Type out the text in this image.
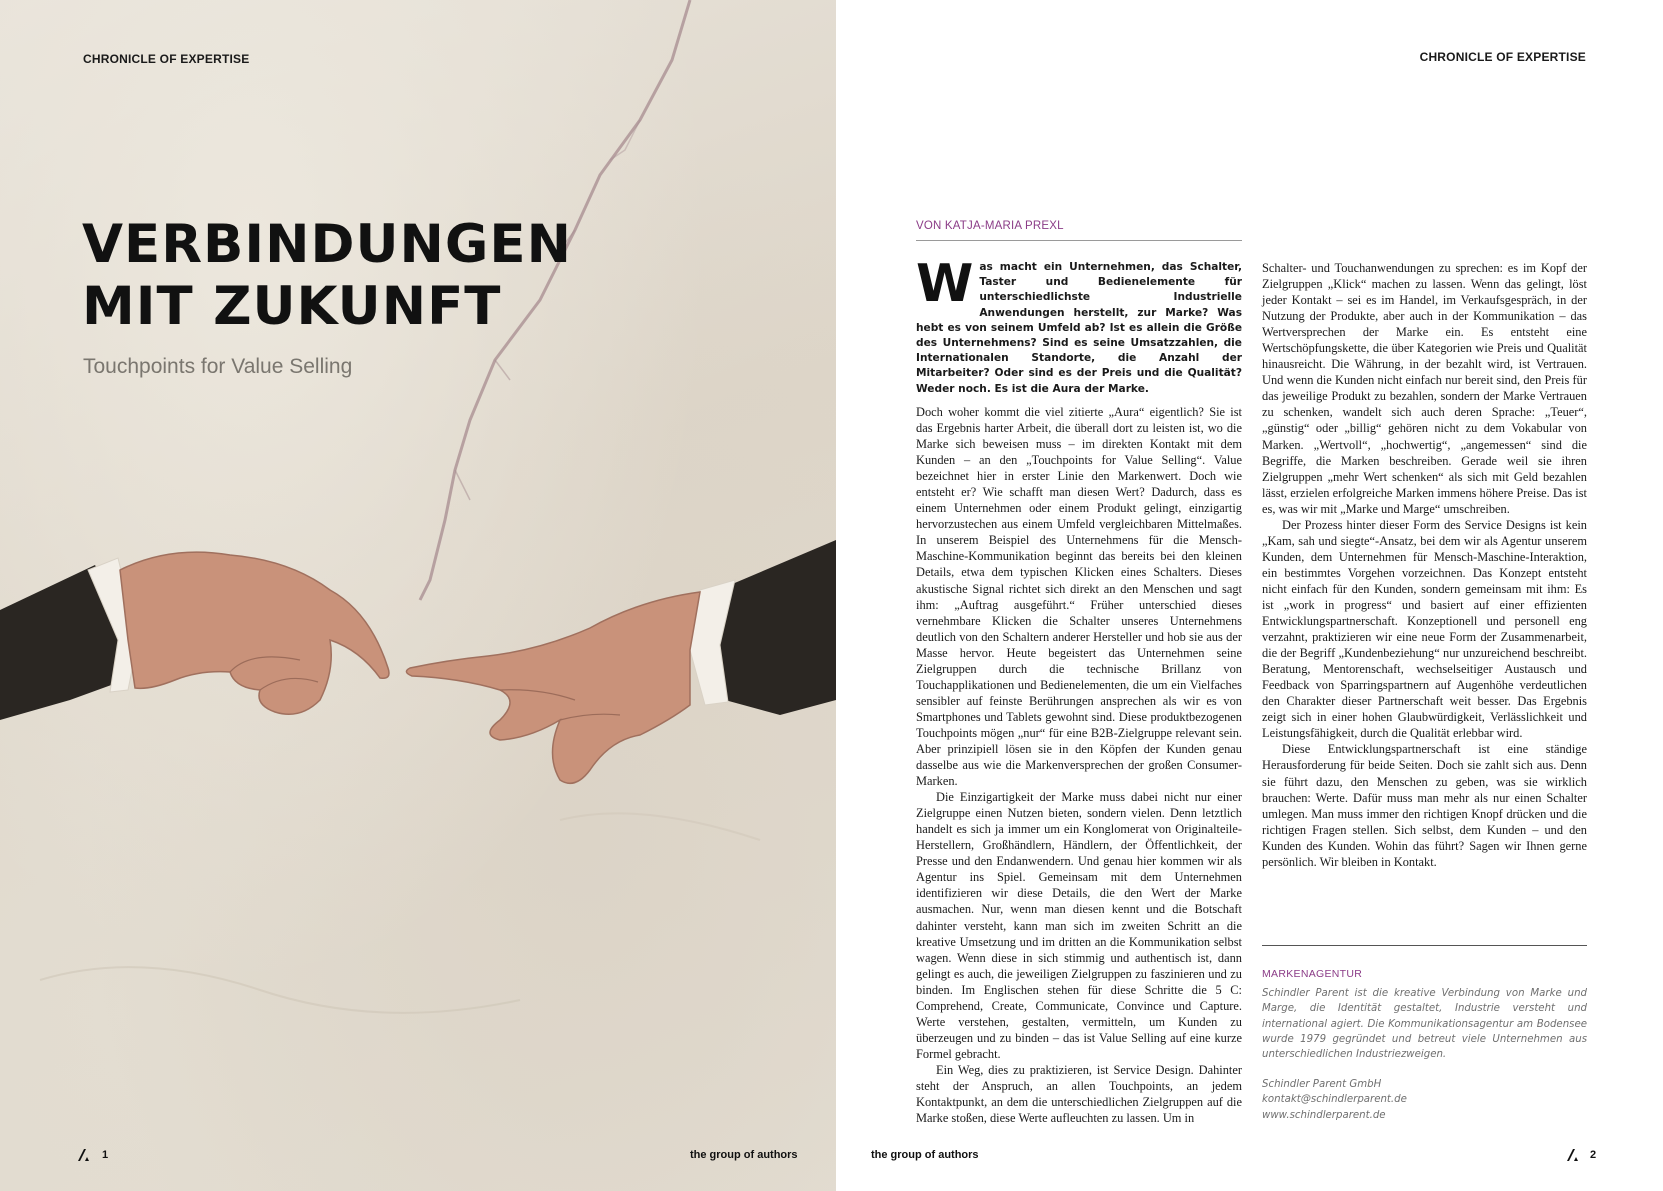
CHRONICLE OF EXPERTISE
VERBINDUNGEN
MIT ZUKUNFT
Touchpoints for Value Selling
1	the group of authors
CHRONICLE OF EXPERTISE
VON KATJA-MARIA PREXL
Was macht ein Unternehmen, das Schalter, Taster und Bedienelemente für unterschiedlichste Industrielle Anwendungen herstellt, zur Marke? Was hebt es von seinem Umfeld ab? Ist es allein die Größe des Unternehmens? Sind es seine Umsatzzahlen, die Internationalen Standorte, die Anzahl der Mitarbeiter? Oder sind es der Preis und die Qualität? Weder noch. Es ist die Aura der Marke.

Doch woher kommt die viel zitierte „Aura“ eigentlich? Sie ist das Ergebnis harter Arbeit, die überall dort zu leisten ist, wo die Marke sich beweisen muss – im direkten Kontakt mit dem Kunden – an den „Touchpoints for Value Selling“. Value bezeichnet hier in erster Linie den Markenwert. Doch wie entsteht er? Wie schafft man diesen Wert? Dadurch, dass es einem Unternehmen oder einem Produkt gelingt, einzigartig hervorzustechen aus einem Umfeld vergleichbaren Mittelmaßes. In unserem Beispiel des Unternehmens für die Mensch-Maschine-Kommunikation beginnt das bereits bei den kleinen Details, etwa dem typischen Klicken eines Schalters. Dieses akustische Signal richtet sich direkt an den Menschen und sagt ihm: „Auftrag ausgeführt.“ Früher unterschied dieses vernehmbare Klicken die Schalter unseres Unternehmens deutlich von den Schaltern anderer Hersteller und hob sie aus der Masse hervor. Heute begeistert das Unternehmen seine Zielgruppen durch die technische Brillanz von Touchapplikationen und Bedienelementen, die um ein Vielfaches sensibler auf feinste Berührungen ansprechen als wir es von Smartphones und Tablets gewohnt sind. Diese produktbezogenen Touchpoints mögen „nur“ für eine B2B-Zielgruppe relevant sein. Aber prinzipiell lösen sie in den Köpfen der Kunden genau dasselbe aus wie die Markenversprechen der großen Consumer-Marken.

Die Einzigartigkeit der Marke muss dabei nicht nur einer Zielgruppe einen Nutzen bieten, sondern vielen. Denn letztlich handelt es sich ja immer um ein Konglomerat von Originalteile-Herstellern, Großhändlern, Händlern, der Öffentlichkeit, der Presse und den Endanwendern. Und genau hier kommen wir als Agentur ins Spiel. Gemeinsam mit dem Unternehmen identifizieren wir diese Details, die den Wert der Marke ausmachen. Nur, wenn man diesen kennt und die Botschaft dahinter versteht, kann man sich im zweiten Schritt an die kreative Umsetzung und im dritten an die Kommunikation selbst wagen. Wenn diese in sich stimmig und authentisch ist, dann gelingt es auch, die jeweiligen Zielgruppen zu faszinieren und zu binden. Im Englischen stehen für diese Schritte die 5 C: Comprehend, Create, Communicate, Convince und Capture. Werte verstehen, gestalten, vermitteln, um Kunden zu überzeugen und zu binden – das ist Value Selling auf eine kurze Formel gebracht.

Ein Weg, dies zu praktizieren, ist Service Design. Dahinter steht der Anspruch, an allen Touchpoints, an jedem Kontaktpunkt, an dem die unterschiedlichen Zielgruppen auf die Marke stoßen, diese Werte aufleuchten zu lassen. Um in

Schalter- und Touchanwendungen zu sprechen: es im Kopf der Zielgruppen „Klick“ machen zu lassen. Wenn das gelingt, löst jeder Kontakt – sei es im Handel, im Verkaufsgespräch, in der Nutzung der Produkte, aber auch in der Kommunikation – das Wertversprechen der Marke ein. Es entsteht eine Wertschöpfungskette, die über Kategorien wie Preis und Qualität hinausreicht. Die Währung, in der bezahlt wird, ist Vertrauen. Und wenn die Kunden nicht einfach nur bereit sind, den Preis für das jeweilige Produkt zu bezahlen, sondern der Marke Vertrauen zu schenken, wandelt sich auch deren Sprache: „Teuer“, „günstig“ oder „billig“ gehören nicht zu dem Vokabular von Marken. „Wertvoll“, „hochwertig“, „angemessen“ sind die Begriffe, die Marken beschreiben. Gerade weil sie ihren Zielgruppen „mehr Wert schenken“ als sich mit Geld bezahlen lässt, erzielen erfolgreiche Marken immens höhere Preise. Das ist es, was wir mit „Marke und Marge“ umschreiben.

Der Prozess hinter dieser Form des Service Designs ist kein „Kam, sah und siegte“-Ansatz, bei dem wir als Agentur unserem Kunden, dem Unternehmen für Mensch-Maschine-Interaktion, ein bestimmtes Vorgehen vorzeichnen. Das Konzept entsteht nicht einfach für den Kunden, sondern gemeinsam mit ihm: Es ist „work in progress“ und basiert auf einer effizienten Entwicklungspartnerschaft. Konzeptionell und personell eng verzahnt, praktizieren wir eine neue Form der Zusammenarbeit, die der Begriff „Kundenbeziehung“ nur unzureichend beschreibt. Beratung, Mentorenschaft, wechselseitiger Austausch und Feedback von Sparringspartnern auf Augenhöhe verdeutlichen den Charakter dieser Partnerschaft weit besser. Das Ergebnis zeigt sich in einer hohen Glaubwürdigkeit, Verlässlichkeit und Leistungsfähigkeit, durch die Qualität erlebbar wird.

Diese Entwicklungspartnerschaft ist eine ständige Herausforderung für beide Seiten. Doch sie zahlt sich aus. Denn sie führt dazu, den Menschen zu geben, was sie wirklich brauchen: Werte. Dafür muss man mehr als nur einen Schalter umlegen. Man muss immer den richtigen Knopf drücken und die richtigen Fragen stellen. Sich selbst, dem Kunden – und den Kunden des Kunden. Wohin das führt? Sagen wir Ihnen gerne persönlich. Wir bleiben in Kontakt.

MARKENAGENTUR
Schindler Parent ist die kreative Verbindung von Marke und Marge, die Identität gestaltet, Industrie versteht und international agiert. Die Kommunikationsagentur am Bodensee wurde 1979 gegründet und betreut viele Unternehmen aus unterschiedlichen Industriezweigen.
Schindler Parent GmbH
kontakt@schindlerparent.de
www.schindlerparent.de
the group of authors	2
